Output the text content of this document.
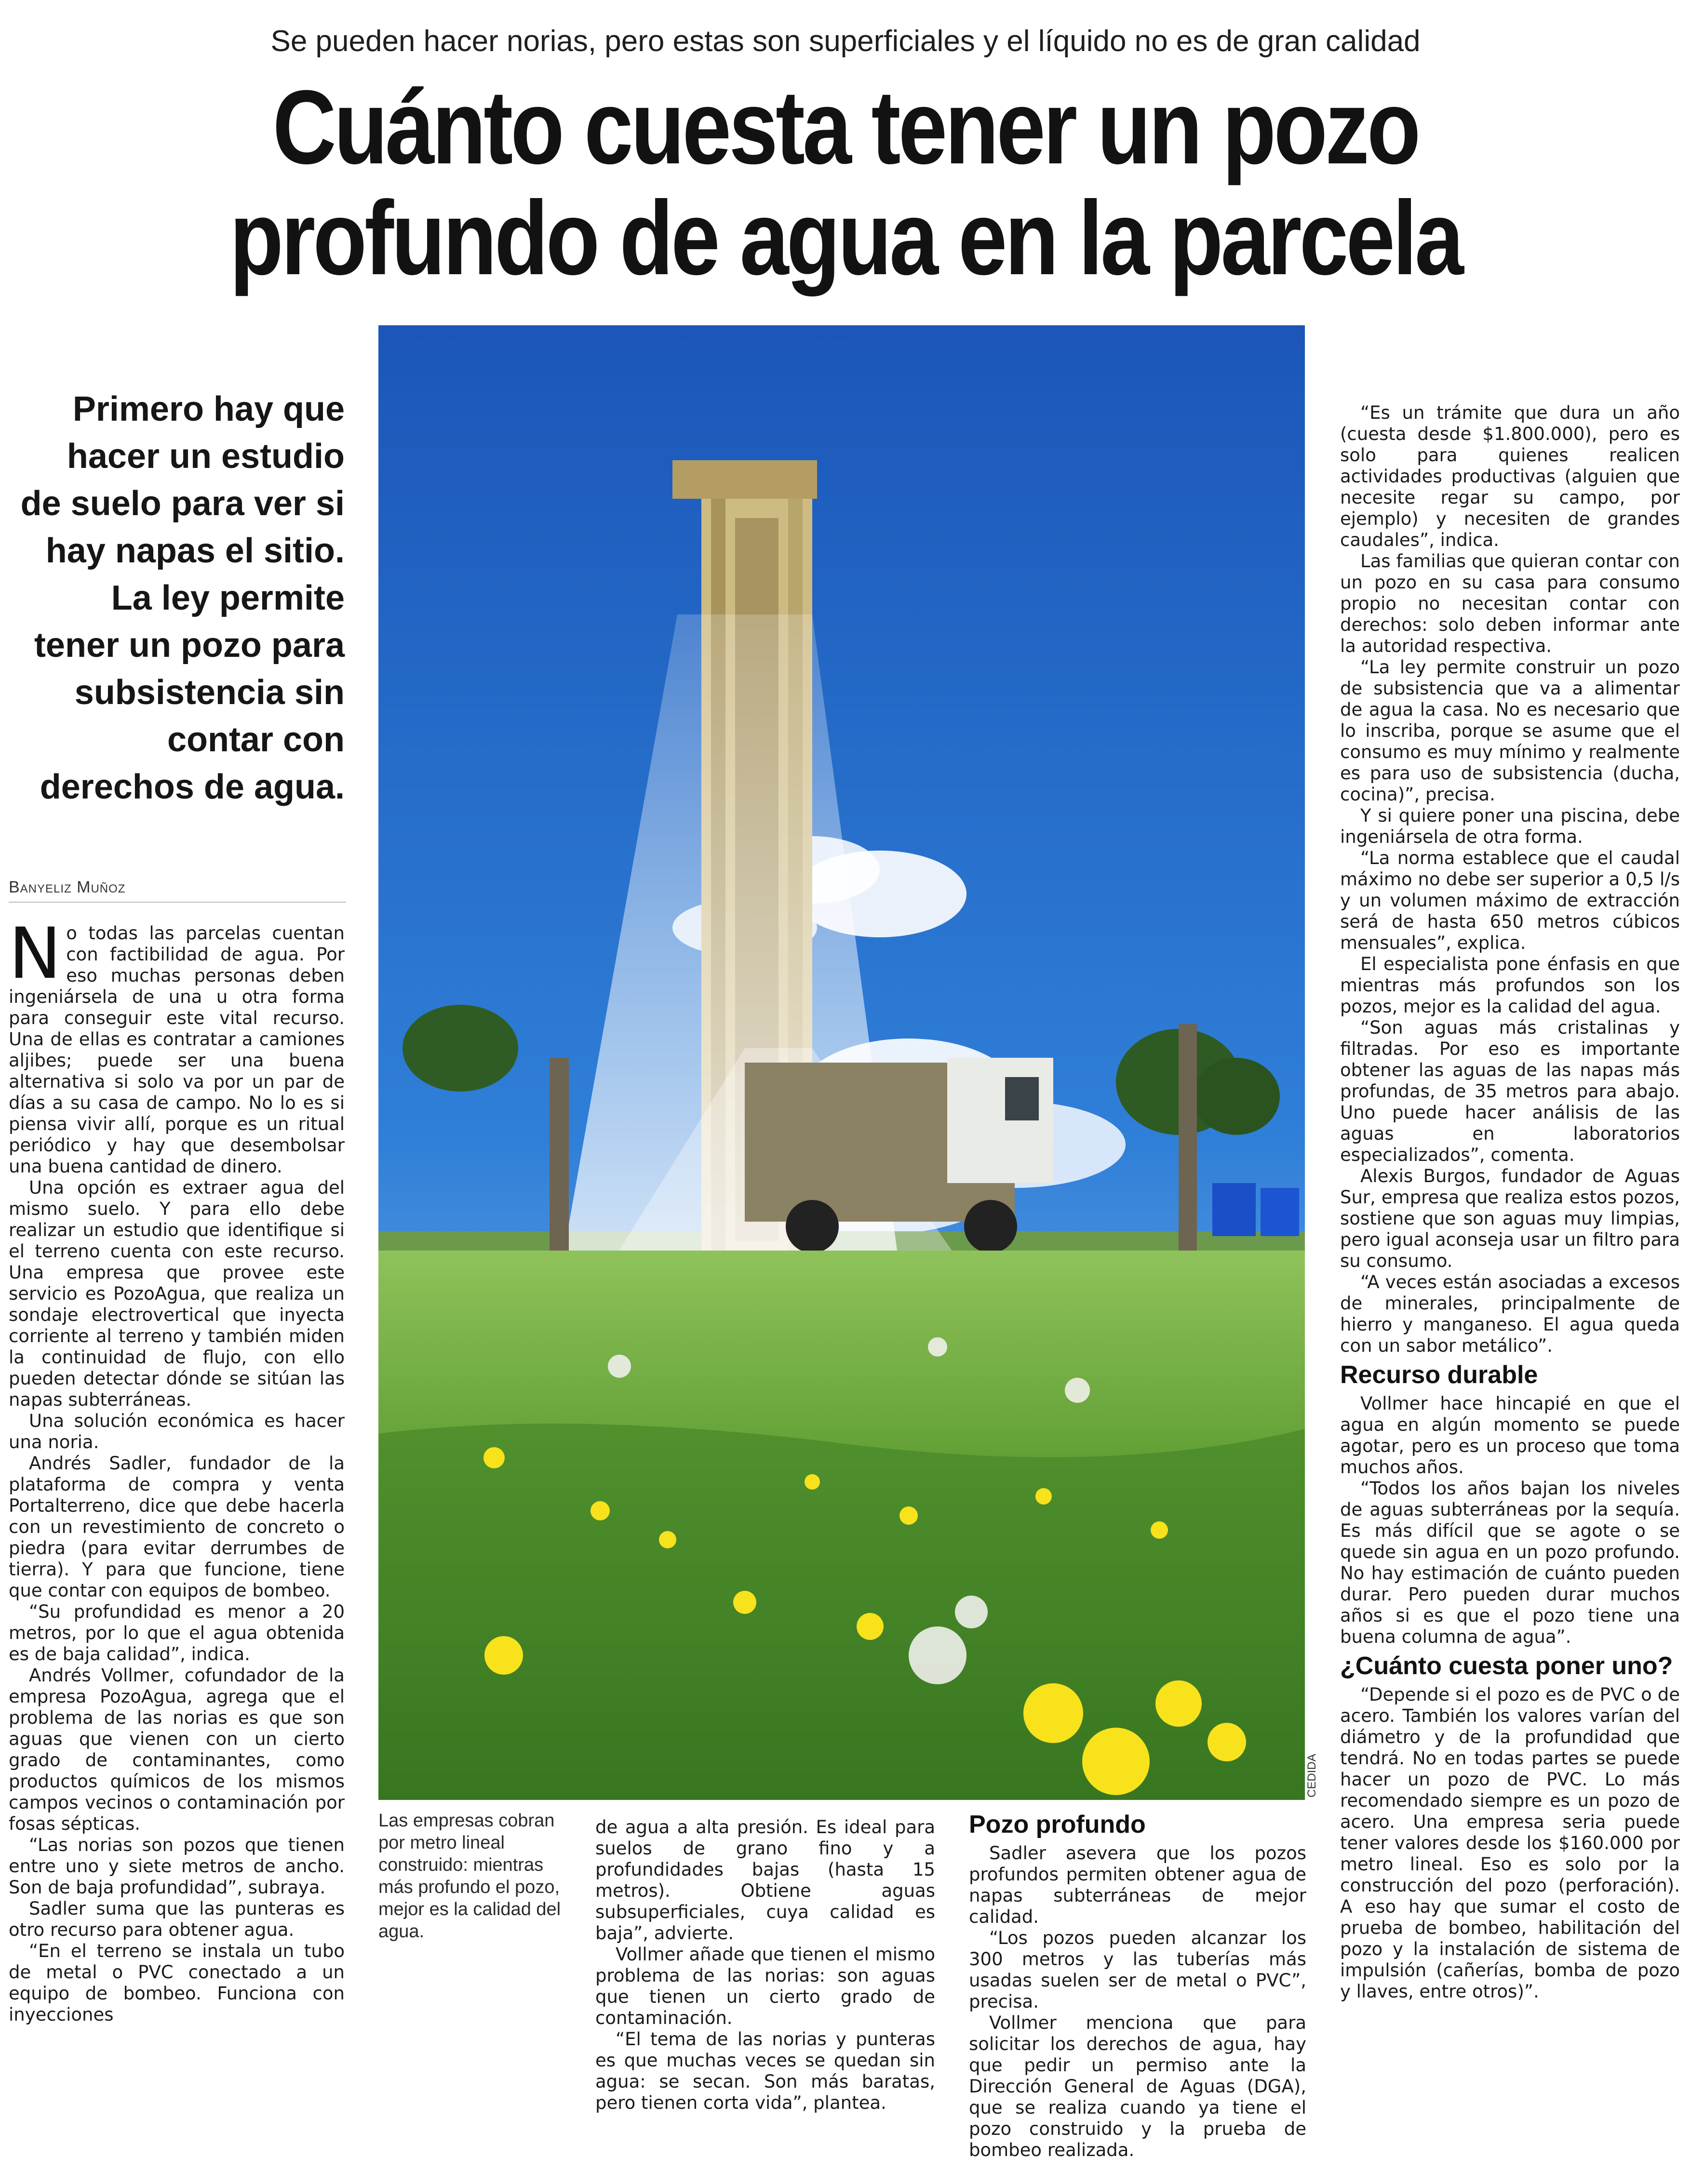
Se pueden hacer norias, pero estas son superficiales y el líquido no es de gran calidad
Cuánto cuesta tener un pozo profundo de agua en la parcela
Primero hay que hacer un estudio de suelo para ver si hay napas el sitio. La ley permite tener un pozo para subsistencia sin contar con derechos de agua.
Banyeliz Muñoz

No todas las parcelas cuentan con factibilidad de agua. Por eso muchas personas deben ingeniársela de una u otra forma para conseguir este vital recurso. Una de ellas es contratar a camiones aljibes; puede ser una buena alternativa si solo va por un par de días a su casa de campo. No lo es si piensa vivir allí, porque es un ritual periódico y hay que desembolsar una buena cantidad de dinero.

Una opción es extraer agua del mismo suelo. Y para ello debe realizar un estudio que identifique si el terreno cuenta con este recurso. Una empresa que provee este servicio es PozoAgua, que realiza un sondaje electrovertical que inyecta corriente al terreno y también miden la continuidad de flujo, con ello pueden detectar dónde se sitúan las napas subterráneas.

Una solución económica es hacer una noria.

Andrés Sadler, fundador de la plataforma de compra y venta Portalterreno, dice que debe hacerla con un revestimiento de concreto o piedra (para evitar derrumbes de tierra). Y para que funcione, tiene que contar con equipos de bombeo.

“Su profundidad es menor a 20 metros, por lo que el agua obtenida es de baja calidad”, indica.

Andrés Vollmer, cofundador de la empresa PozoAgua, agrega que el problema de las norias es que son aguas que vienen con un cierto grado de contaminantes, como productos químicos de los mismos campos vecinos o contaminación por fosas sépticas.

“Las norias son pozos que tienen entre uno y siete metros de ancho. Son de baja profundidad”, subraya.

Sadler suma que las punteras es otro recurso para obtener agua.

“En el terreno se instala un tubo de metal o PVC conectado a un equipo de bombeo. Funciona con inyecciones

CEDIDA
Las empresas cobran por metro lineal construido: mientras más profundo el pozo, mejor es la calidad del agua.

de agua a alta presión. Es ideal para suelos de grano fino y a profundidades bajas (hasta 15 metros). Obtiene aguas subsuperficiales, cuya calidad es baja”, advierte.

Vollmer añade que tienen el mismo problema de las norias: son aguas que tienen un cierto grado de contaminación.

“El tema de las norias y punteras es que muchas veces se quedan sin agua: se secan. Son más baratas, pero tienen corta vida”, plantea.

Pozo profundo

Sadler asevera que los pozos profundos permiten obtener agua de napas subterráneas de mejor calidad.

“Los pozos pueden alcanzar los 300 metros y las tuberías más usadas suelen ser de metal o PVC”, precisa.

Vollmer menciona que para solicitar los derechos de agua, hay que pedir un permiso ante la Dirección General de Aguas (DGA), que se realiza cuando ya tiene el pozo construido y la prueba de bombeo realizada.

“Es un trámite que dura un año (cuesta desde $1.800.000), pero es solo para quienes realicen actividades productivas (alguien que necesite regar su campo, por ejemplo) y necesiten de grandes caudales”, indica.

Las familias que quieran contar con un pozo en su casa para consumo propio no necesitan contar con derechos: solo deben informar ante la autoridad respectiva.

“La ley permite construir un pozo de subsistencia que va a alimentar de agua la casa. No es necesario que lo inscriba, porque se asume que el consumo es muy mínimo y realmente es para uso de subsistencia (ducha, cocina)”, precisa.

Y si quiere poner una piscina, debe ingeniársela de otra forma.

“La norma establece que el caudal máximo no debe ser superior a 0,5 l/s y un volumen máximo de extracción será de hasta 650 metros cúbicos mensuales”, explica.

El especialista pone énfasis en que mientras más profundos son los pozos, mejor es la calidad del agua.

“Son aguas más cristalinas y filtradas. Por eso es importante obtener las aguas de las napas más profundas, de 35 metros para abajo. Uno puede hacer análisis de las aguas en laboratorios especializados”, comenta.

Alexis Burgos, fundador de Aguas Sur, empresa que realiza estos pozos, sostiene que son aguas muy limpias, pero igual aconseja usar un filtro para su consumo.

“A veces están asociadas a excesos de minerales, principalmente de hierro y manganeso. El agua queda con un sabor metálico”.

Recurso durable

Vollmer hace hincapié en que el agua en algún momento se puede agotar, pero es un proceso que toma muchos años.

“Todos los años bajan los niveles de aguas subterráneas por la sequía. Es más difícil que se agote o se quede sin agua en un pozo profundo. No hay estimación de cuánto pueden durar. Pero pueden durar muchos años si es que el pozo tiene una buena columna de agua”.

¿Cuánto cuesta poner uno?

“Depende si el pozo es de PVC o de acero. También los valores varían del diámetro y de la profundidad que tendrá. No en todas partes se puede hacer un pozo de PVC. Lo más recomendado siempre es un pozo de acero. Una empresa seria puede tener valores desde los $160.000 por metro lineal. Eso es solo por la construcción del pozo (perforación). A eso hay que sumar el costo de prueba de bombeo, habilitación del pozo y la instalación de sistema de impulsión (cañerías, bomba de pozo y llaves, entre otros)”.
